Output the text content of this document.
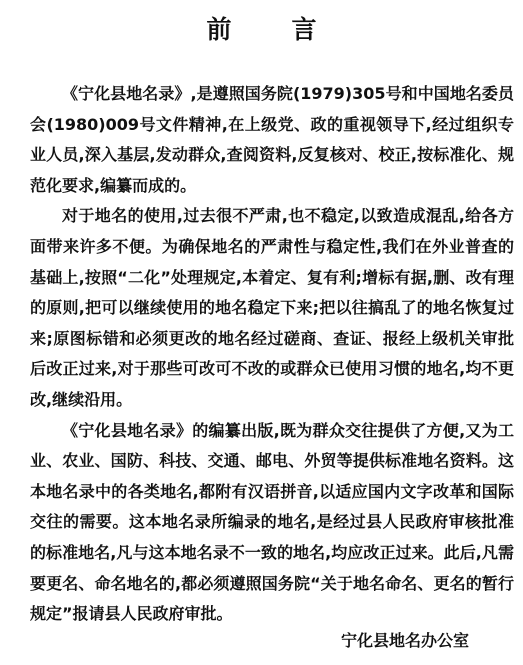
前 言

《宁化县地名录》,是遵照国务院(1979)305号和中国地名委员会(1980)009号文件精神,在上级党、政的重视领导下,经过组织专业人员,深入基层,发动群众,查阅资料,反复核对、校正,按标准化、规范化要求,编纂而成的。

对于地名的使用,过去很不严肃,也不稳定,以致造成混乱,给各方面带来许多不便。为确保地名的严肃性与稳定性,我们在外业普查的基础上,按照“二化”处理规定,本着定、复有利;增标有据,删、改有理的原则,把可以继续使用的地名稳定下来;把以往搞乱了的地名恢复过来;原图标错和必须更改的地名经过磋商、查证、报经上级机关审批后改正过来,对于那些可改可不改的或群众已使用习惯的地名,均不更改,继续沿用。

《宁化县地名录》的编纂出版,既为群众交往提供了方便,又为工业、农业、国防、科技、交通、邮电、外贸等提供标准地名资料。这本地名录中的各类地名,都附有汉语拼音,以适应国内文字改革和国际交往的需要。这本地名录所编录的地名,是经过县人民政府审核批准的标准地名,凡与这本地名录不一致的地名,均应改正过来。此后,凡需要更名、命名地名的,都必须遵照国务院“关于地名命名、更名的暂行规定”报请县人民政府审批。

宁化县地名办公室
